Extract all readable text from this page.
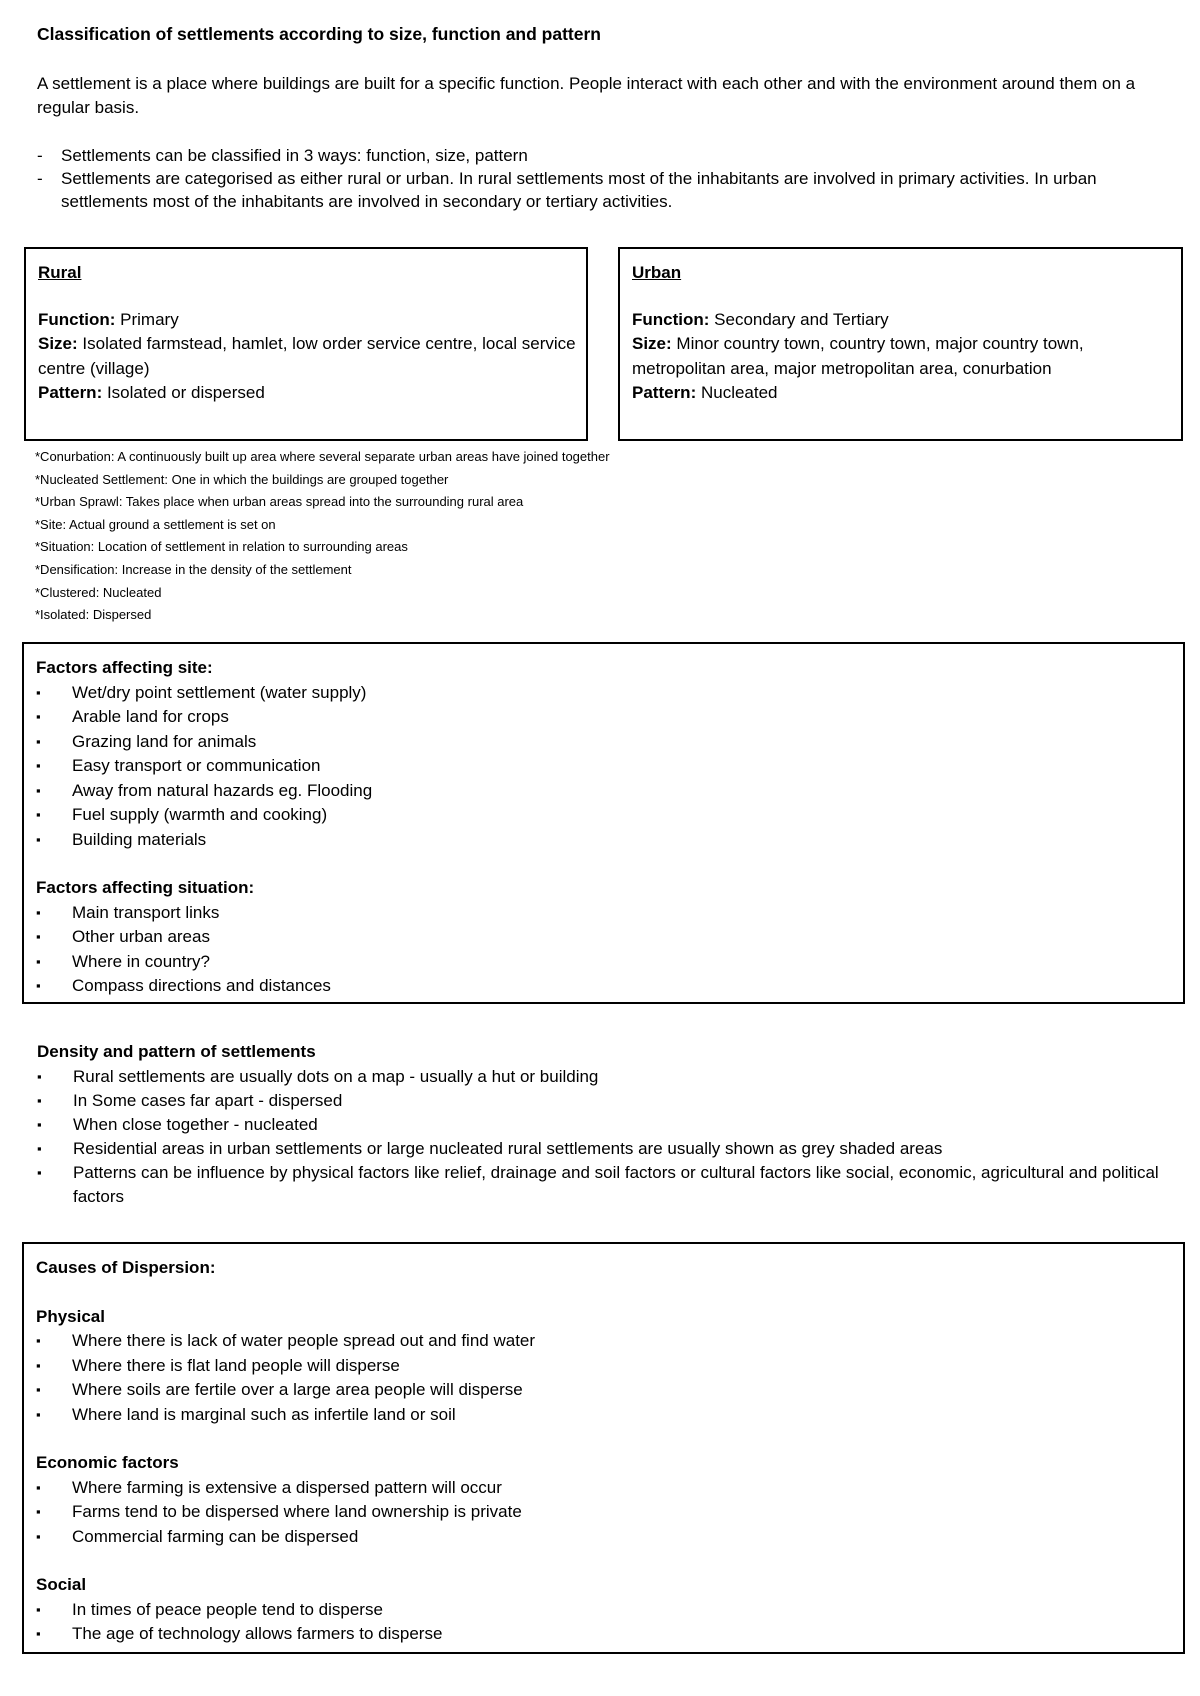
Classification of settlements according to size, function and pattern
A settlement is a place where buildings are built for a specific function. People interact with each other and with the environment around them on a regular basis.
- Settlements can be classified in 3 ways: function, size, pattern
- Settlements are categorised as either rural or urban. In rural settlements most of the inhabitants are involved in primary activities. In urban settlements most of the inhabitants are involved in secondary or tertiary activities.
Rural
Function: Primary
Size: Isolated farmstead, hamlet, low order service centre, local service centre (village)
Pattern: Isolated or dispersed
Urban
Function: Secondary and Tertiary
Size: Minor country town, country town, major country town, metropolitan area, major metropolitan area, conurbation
Pattern: Nucleated
*Conurbation: A continuously built up area where several separate urban areas have joined together
*Nucleated Settlement: One in which the buildings are grouped together
*Urban Sprawl: Takes place when urban areas spread into the surrounding rural area
*Site: Actual ground a settlement is set on
*Situation: Location of settlement in relation to surrounding areas
*Densification: Increase in the density of the settlement
*Clustered: Nucleated
*Isolated: Dispersed
Factors affecting site:
▪ Wet/dry point settlement (water supply)
▪ Arable land for crops
▪ Grazing land for animals
▪ Easy transport or communication
▪ Away from natural hazards eg. Flooding
▪ Fuel supply (warmth and cooking)
▪ Building materials
Factors affecting situation:
▪ Main transport links
▪ Other urban areas
▪ Where in country?
▪ Compass directions and distances
Density and pattern of settlements
▪ Rural settlements are usually dots on a map - usually a hut or building
▪ In Some cases far apart - dispersed
▪ When close together - nucleated
▪ Residential areas in urban settlements or large nucleated rural settlements are usually shown as grey shaded areas
▪ Patterns can be influence by physical factors like relief, drainage and soil factors or cultural factors like social, economic, agricultural and political factors
Causes of Dispersion:
Physical
▪ Where there is lack of water people spread out and find water
▪ Where there is flat land people will disperse
▪ Where soils are fertile over a large area people will disperse
▪ Where land is marginal such as infertile land or soil
Economic factors
▪ Where farming is extensive a dispersed pattern will occur
▪ Farms tend to be dispersed where land ownership is private
▪ Commercial farming can be dispersed
Social
▪ In times of peace people tend to disperse
▪ The age of technology allows farmers to disperse
